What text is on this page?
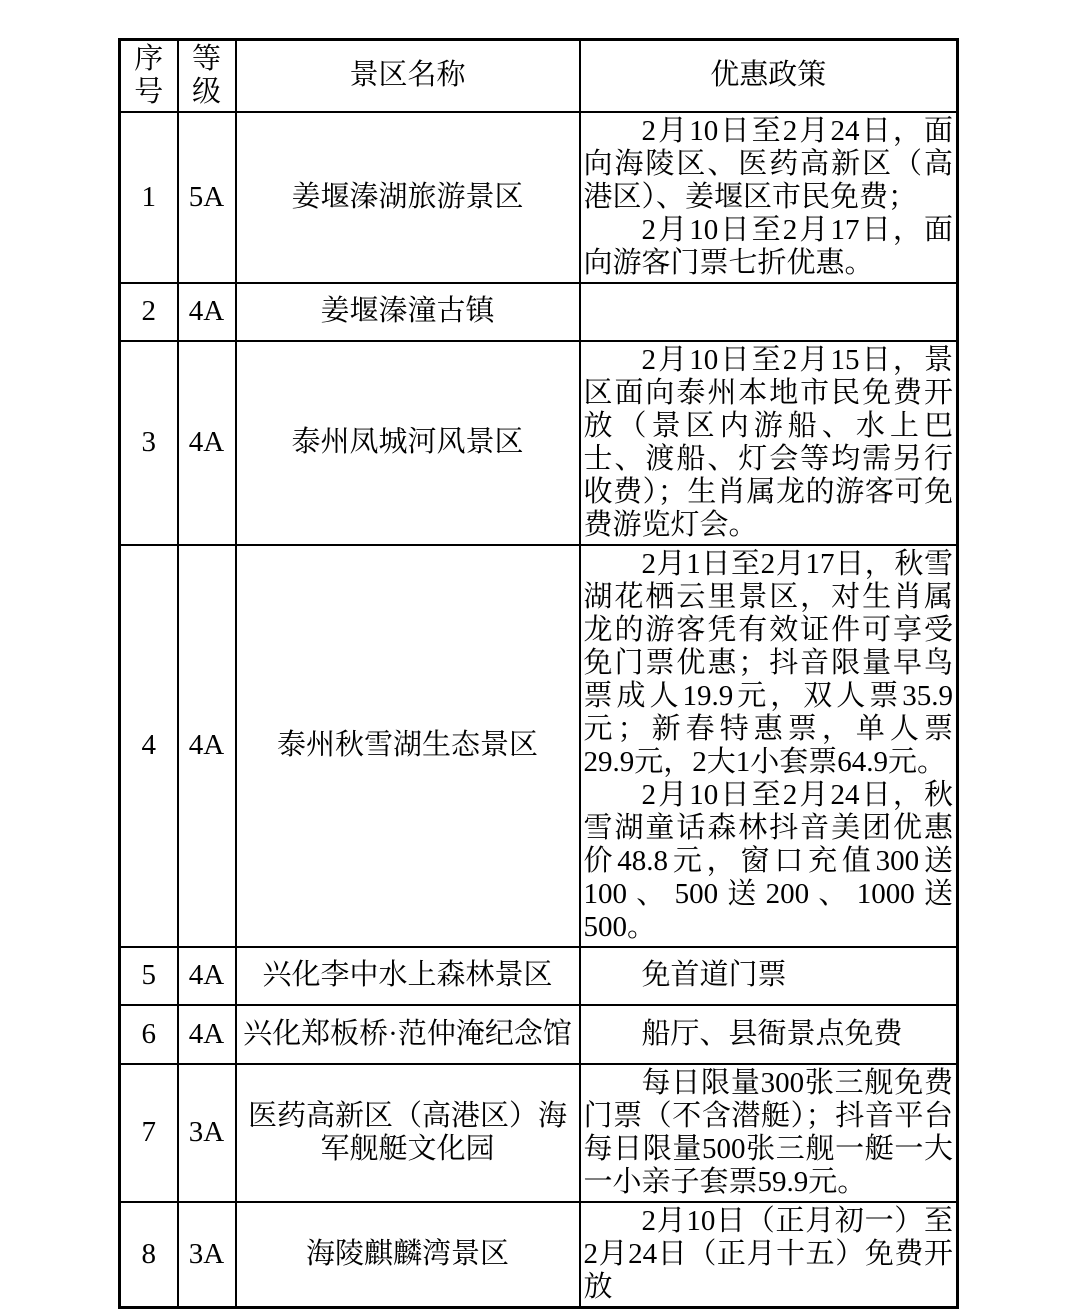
序号	等级	景区名称	优惠政策
1	5A	姜堰溱湖旅游景区	2月10日至2月24日，面向海陵区、医药高新区（高港区）、姜堰区市民免费；

2月10日至2月17日，面向游客门票七折优惠。

2	4A	姜堰溱潼古镇	
3	4A	泰州凤城河风景区	2月10日至2月15日，景区面向泰州本地市民免费开放（景区内游船、水上巴士、渡船、灯会等均需另行收费）；生肖属龙的游客可免费游览灯会。

4	4A	泰州秋雪湖生态景区	2月1日至2月17日，秋雪湖花栖云里景区，对生肖属龙的游客凭有效证件可享受免门票优惠；抖音限量早鸟票成人19.9元，双人票35.9元；新春特惠票，单人票29.9元，2大1小套票64.9元。

2月10日至2月24日，秋雪湖童话森林抖音美团优惠价48.8元，窗口充值300送100、500送200、1000送500。

5	4A	兴化李中水上森林景区	免首道门票

6	4A	兴化郑板桥·范仲淹纪念馆	船厅、县衙景点免费

7	3A	医药高新区（高港区）海军舰艇文化园	每日限量300张三舰免费门票（不含潜艇）；抖音平台每日限量500张三舰一艇一大一小亲子套票59.9元。

8	3A	海陵麒麟湾景区	2月10日（正月初一）至2月24日（正月十五）免费开放
